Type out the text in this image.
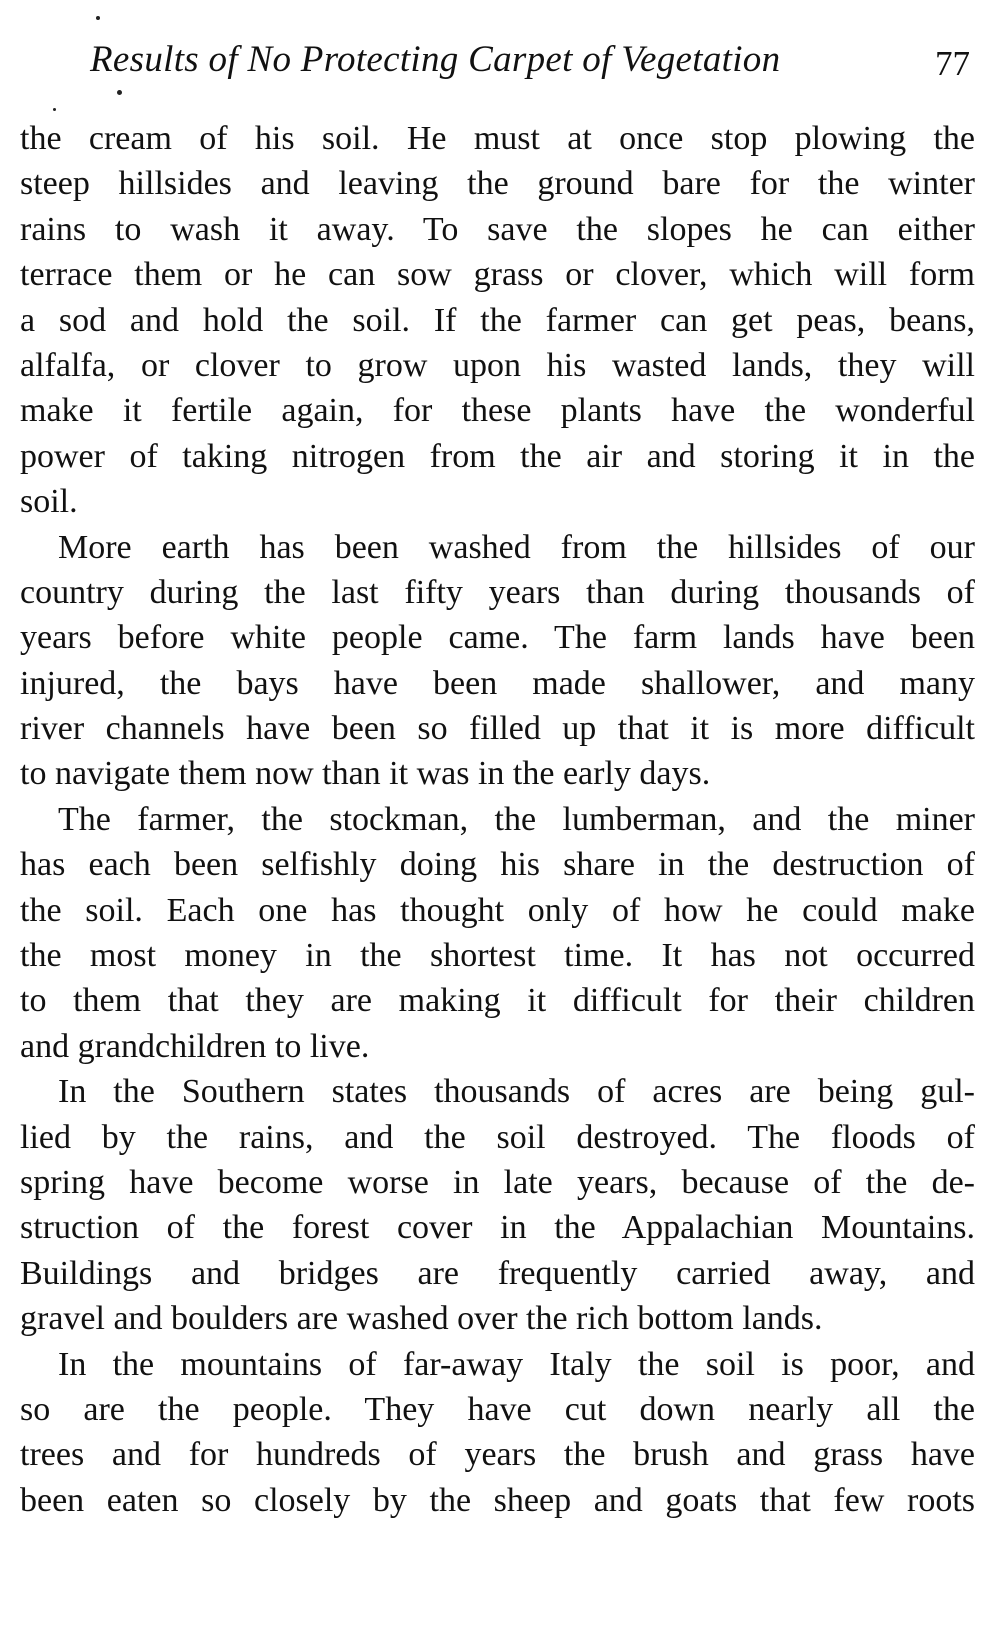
Results of No Protecting Carpet of Vegetation	77
the cream of his soil. He must at once stop plowing the
steep hillsides and leaving the ground bare for the winter
rains to wash it away. To save the slopes he can either
terrace them or he can sow grass or clover, which will form
a sod and hold the soil. If the farmer can get peas, beans,
alfalfa, or clover to grow upon his wasted lands, they will
make it fertile again, for these plants have the wonderful
power of taking nitrogen from the air and storing it in the
soil.
More earth has been washed from the hillsides of our
country during the last fifty years than during thousands of
years before white people came. The farm lands have been
injured, the bays have been made shallower, and many
river channels have been so filled up that it is more difficult
to navigate them now than it was in the early days.
The farmer, the stockman, the lumberman, and the miner
has each been selfishly doing his share in the destruction of
the soil. Each one has thought only of how he could make
the most money in the shortest time. It has not occurred
to them that they are making it difficult for their children
and grandchildren to live.
In the Southern states thousands of acres are being gul-
lied by the rains, and the soil destroyed. The floods of
spring have become worse in late years, because of the de-
struction of the forest cover in the Appalachian Mountains.
Buildings and bridges are frequently carried away, and
gravel and boulders are washed over the rich bottom lands.
In the mountains of far-away Italy the soil is poor, and
so are the people. They have cut down nearly all the
trees and for hundreds of years the brush and grass have
been eaten so closely by the sheep and goats that few roots
